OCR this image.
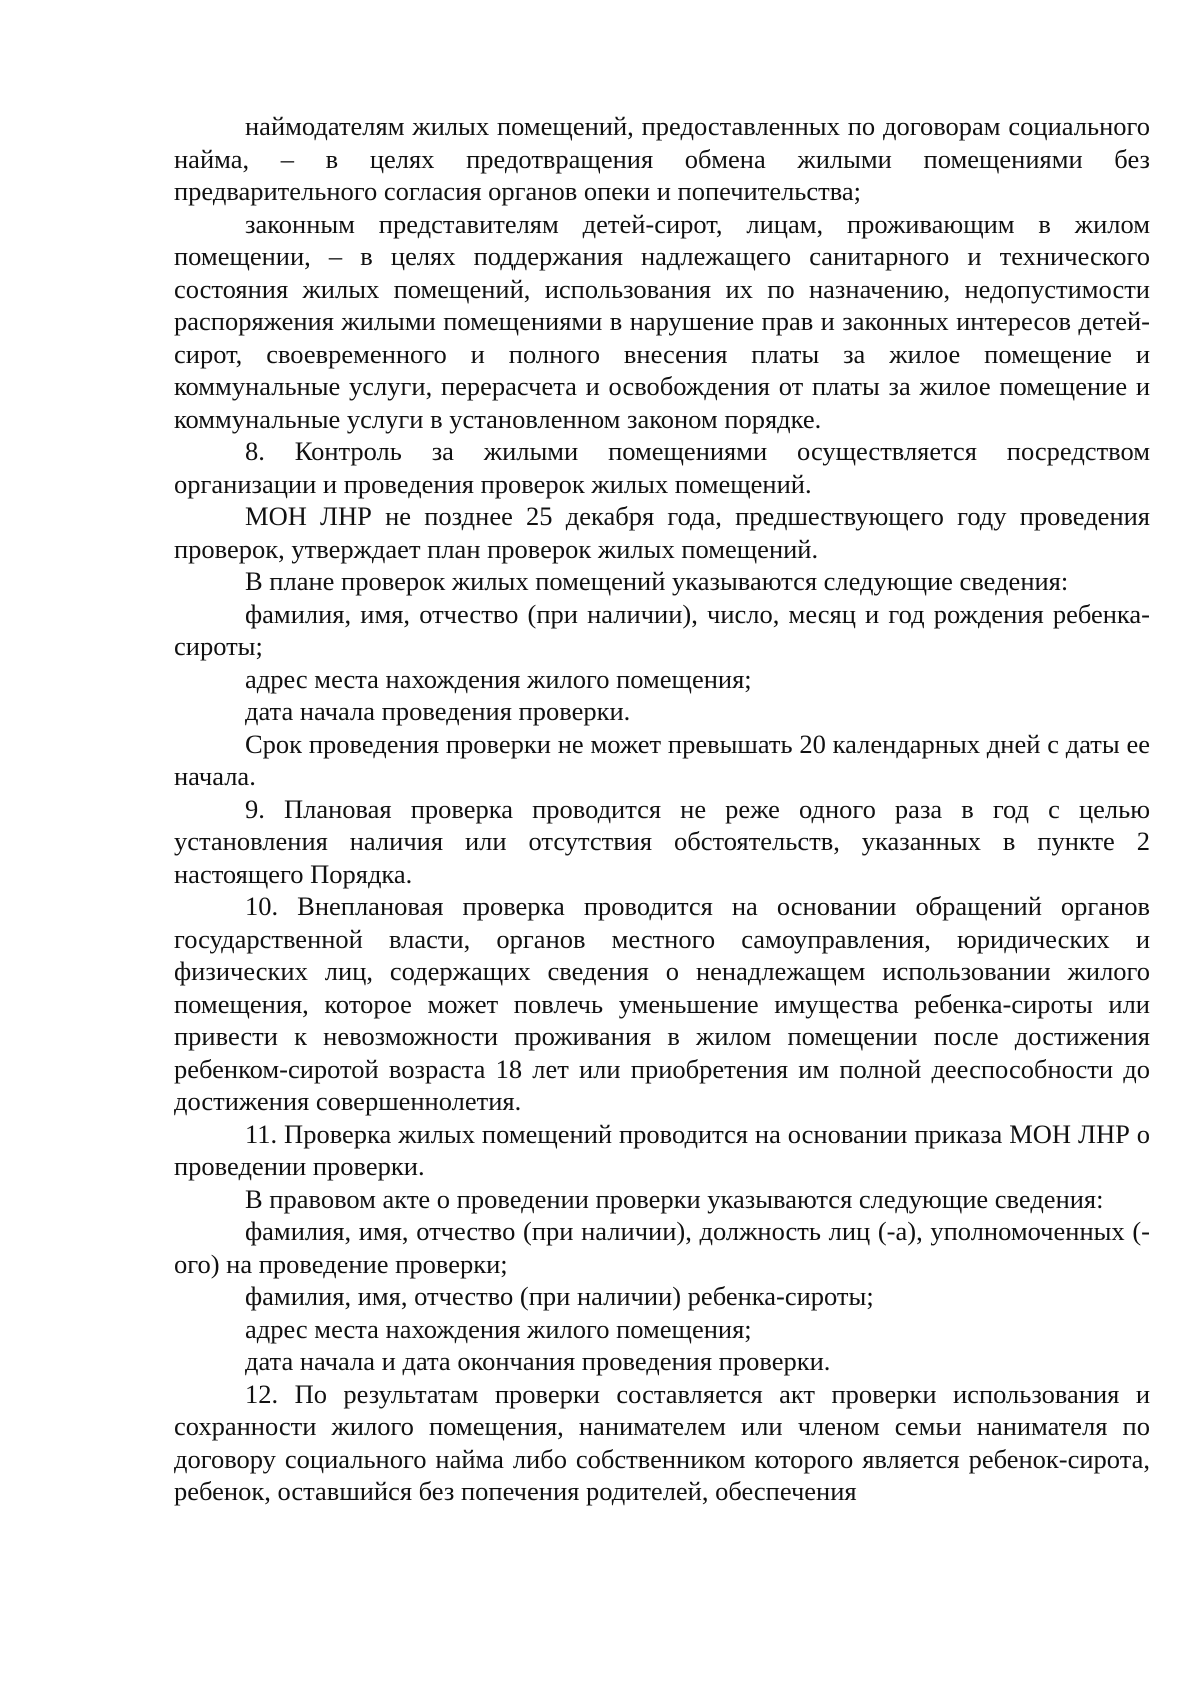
наймодателям жилых помещений, предоставленных по договорам социального найма, – в целях предотвращения обмена жилыми помещениями без предварительного согласия органов опеки и попечительства;

законным представителям детей-сирот, лицам, проживающим в жилом помещении, – в целях поддержания надлежащего санитарного и технического состояния жилых помещений, использования их по назначению, недопустимости распоряжения жилыми помещениями в нарушение прав и законных интересов детей-сирот, своевременного и полного внесения платы за жилое помещение и коммунальные услуги, перерасчета и освобождения от платы за жилое помещение и коммунальные услуги в установленном законом порядке.

8. Контроль за жилыми помещениями осуществляется посредством организации и проведения проверок жилых помещений.

МОН ЛНР не позднее 25 декабря года, предшествующего году проведения проверок, утверждает план проверок жилых помещений.

В плане проверок жилых помещений указываются следующие сведения:

фамилия, имя, отчество (при наличии), число, месяц и год рождения ребенка-сироты;

адрес места нахождения жилого помещения;

дата начала проведения проверки.

Срок проведения проверки не может превышать 20 календарных дней с даты ее начала.

9. Плановая проверка проводится не реже одного раза в год с целью установления наличия или отсутствия обстоятельств, указанных в пункте 2 настоящего Порядка.

10. Внеплановая проверка проводится на основании обращений органов государственной власти, органов местного самоуправления, юридических и физических лиц, содержащих сведения о ненадлежащем использовании жилого помещения, которое может повлечь уменьшение имущества ребенка-сироты или привести к невозможности проживания в жилом помещении после достижения ребенком-сиротой возраста 18 лет или приобретения им полной дееспособности до достижения совершеннолетия.

11. Проверка жилых помещений проводится на основании приказа МОН ЛНР о проведении проверки.

В правовом акте о проведении проверки указываются следующие сведения:

фамилия, имя, отчество (при наличии), должность лиц (-а), уполномоченных (-ого) на проведение проверки;

фамилия, имя, отчество (при наличии) ребенка-сироты;

адрес места нахождения жилого помещения;

дата начала и дата окончания проведения проверки.

12. По результатам проверки составляется акт проверки использования и сохранности жилого помещения, нанимателем или членом семьи нанимателя по договору социального найма либо собственником которого является ребенок-сирота, ребенок, оставшийся без попечения родителей, обеспечения
